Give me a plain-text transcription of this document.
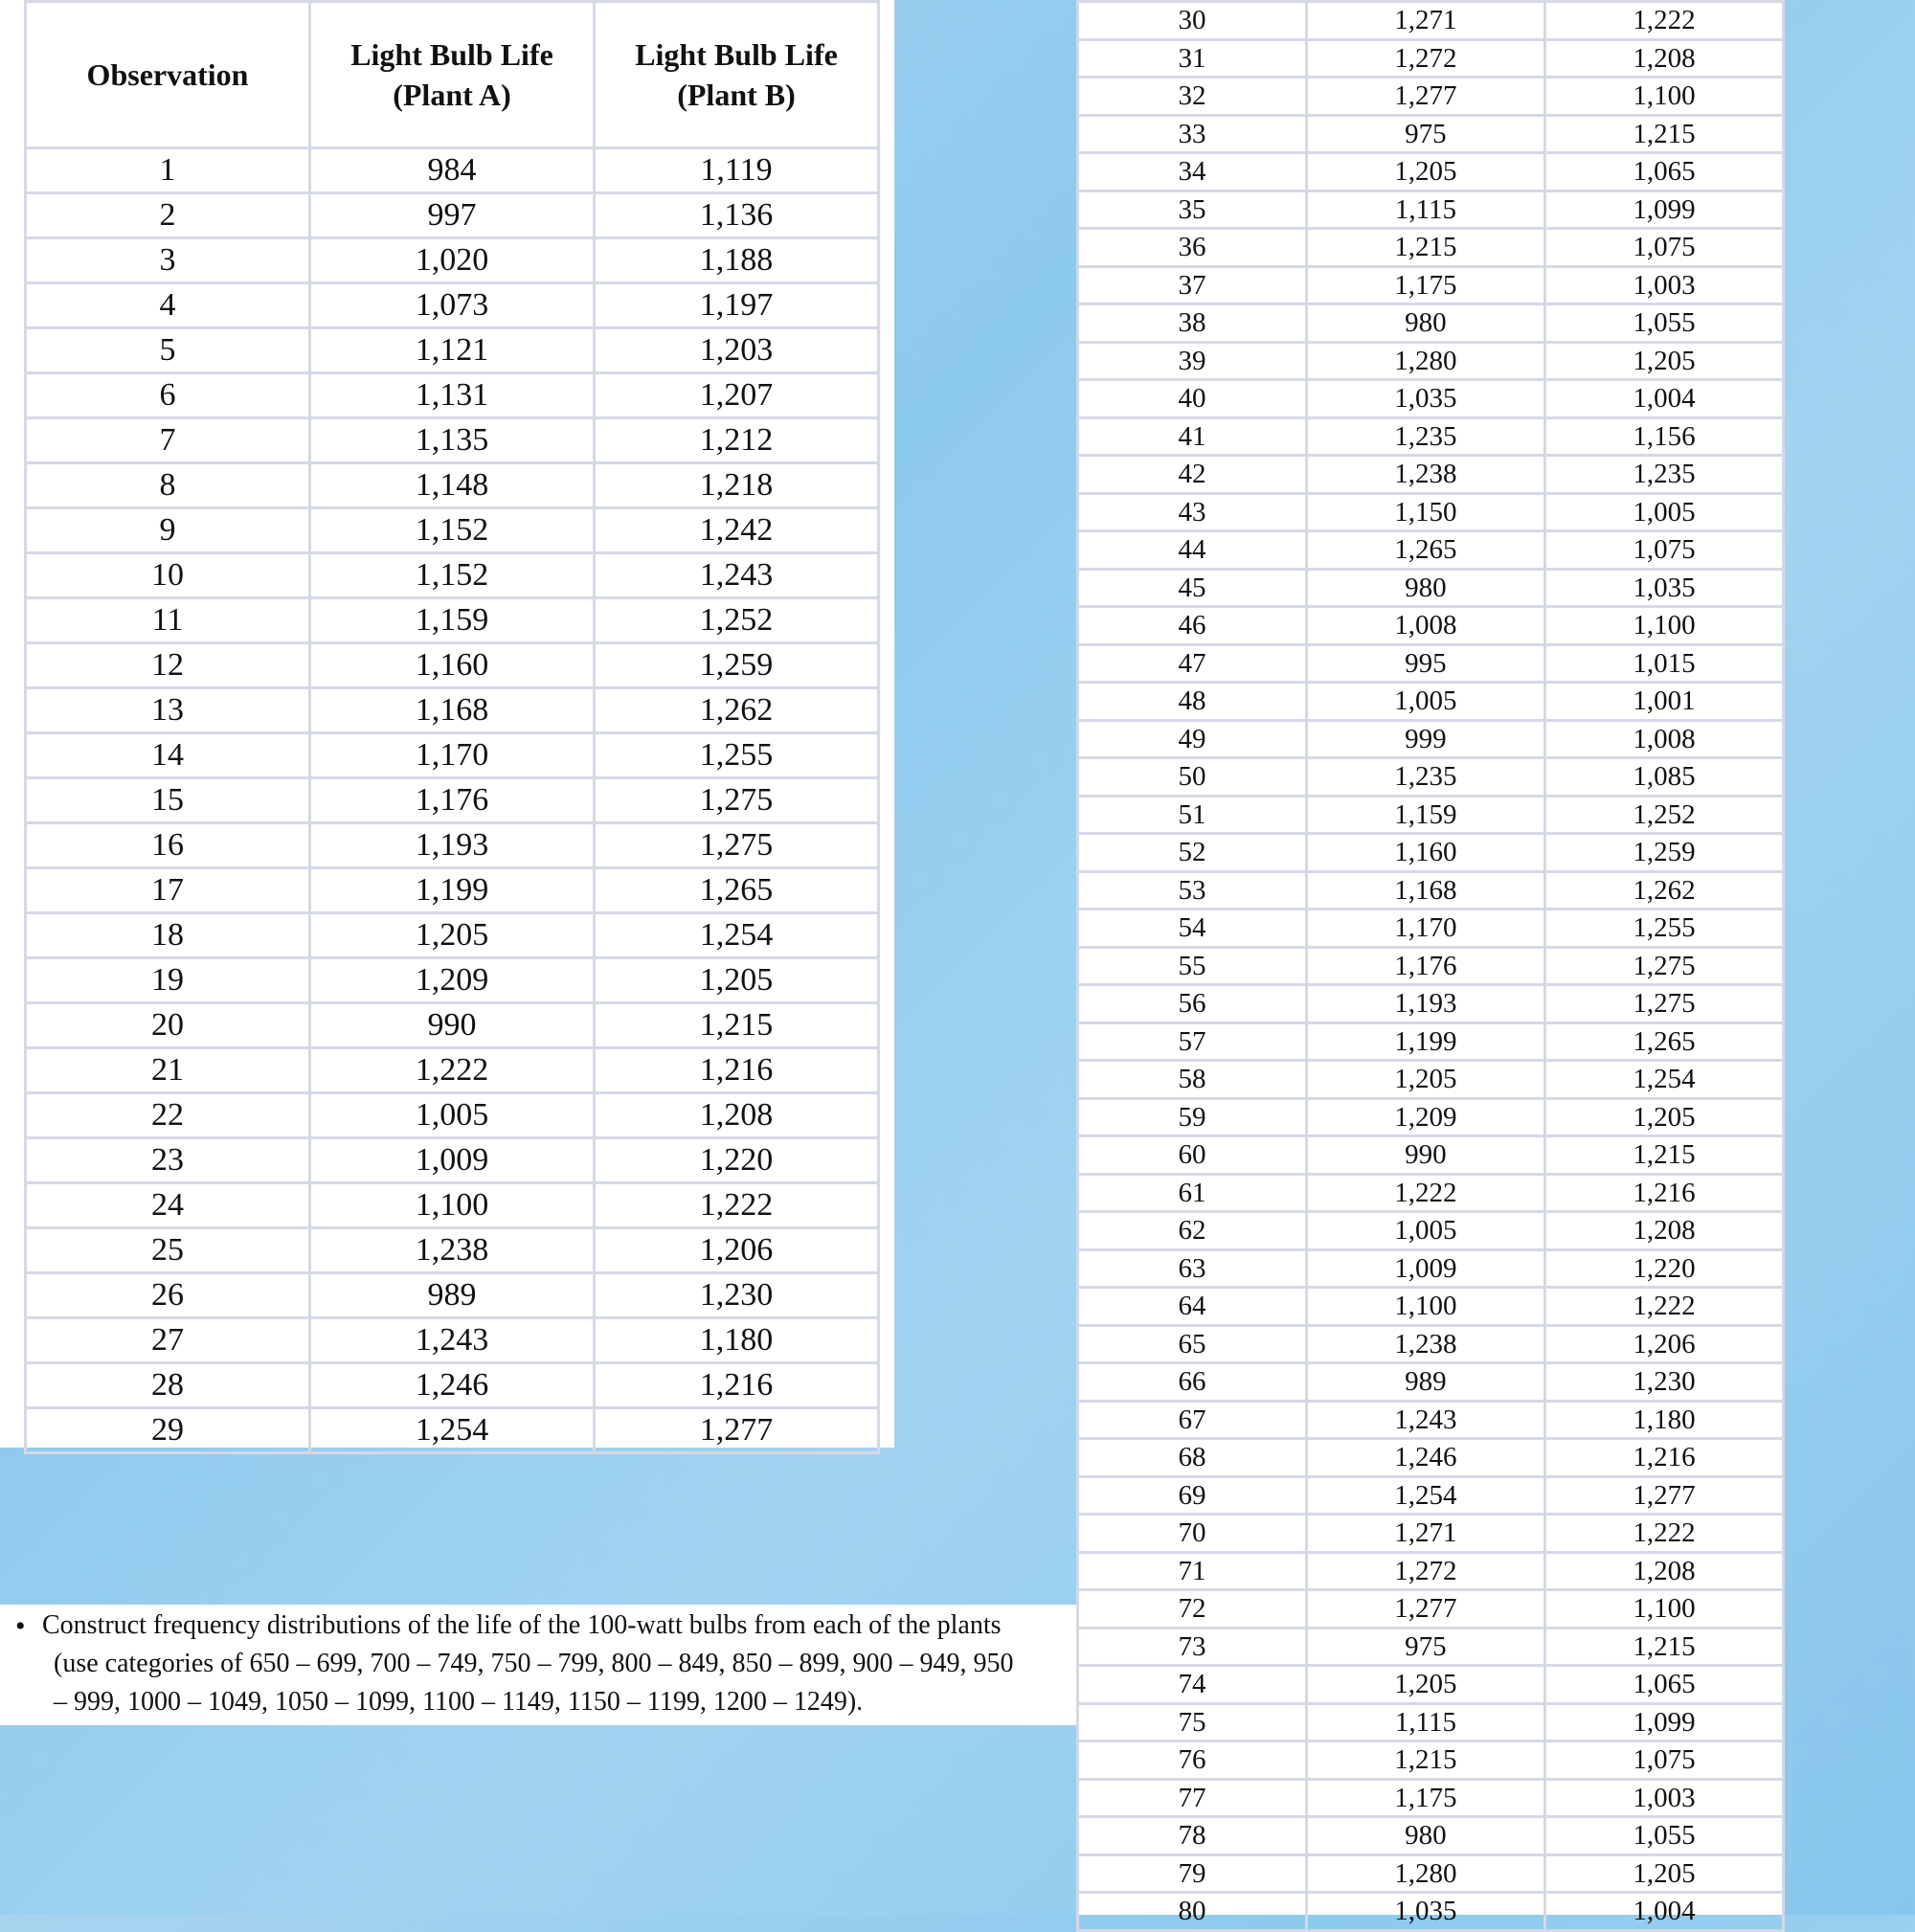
Observation	Light Bulb Life (Plant A)	Light Bulb Life (Plant B)
1	984	1,119
2	997	1,136
3	1,020	1,188
4	1,073	1,197
5	1,121	1,203
6	1,131	1,207
7	1,135	1,212
8	1,148	1,218
9	1,152	1,242
10	1,152	1,243
11	1,159	1,252
12	1,160	1,259
13	1,168	1,262
14	1,170	1,255
15	1,176	1,275
16	1,193	1,275
17	1,199	1,265
18	1,205	1,254
19	1,209	1,205
20	990	1,215
21	1,222	1,216
22	1,005	1,208
23	1,009	1,220
24	1,100	1,222
25	1,238	1,206
26	989	1,230
27	1,243	1,180
28	1,246	1,216
29	1,254	1,277
30	1,271	1,222
31	1,272	1,208
32	1,277	1,100
33	975	1,215
34	1,205	1,065
35	1,115	1,099
36	1,215	1,075
37	1,175	1,003
38	980	1,055
39	1,280	1,205
40	1,035	1,004
41	1,235	1,156
42	1,238	1,235
43	1,150	1,005
44	1,265	1,075
45	980	1,035
46	1,008	1,100
47	995	1,015
48	1,005	1,001
49	999	1,008
50	1,235	1,085
51	1,159	1,252
52	1,160	1,259
53	1,168	1,262
54	1,170	1,255
55	1,176	1,275
56	1,193	1,275
57	1,199	1,265
58	1,205	1,254
59	1,209	1,205
60	990	1,215
61	1,222	1,216
62	1,005	1,208
63	1,009	1,220
64	1,100	1,222
65	1,238	1,206
66	989	1,230
67	1,243	1,180
68	1,246	1,216
69	1,254	1,277
70	1,271	1,222
71	1,272	1,208
72	1,277	1,100
73	975	1,215
74	1,205	1,065
75	1,115	1,099
76	1,215	1,075
77	1,175	1,003
78	980	1,055
79	1,280	1,205
80	1,035	1,004
• Construct frequency distributions of the life of the 100-watt bulbs from each of the plants
(use categories of 650 – 699, 700 – 749, 750 – 799, 800 – 849, 850 – 899, 900 – 949, 950
– 999, 1000 – 1049, 1050 – 1099, 1100 – 1149, 1150 – 1199, 1200 – 1249).
